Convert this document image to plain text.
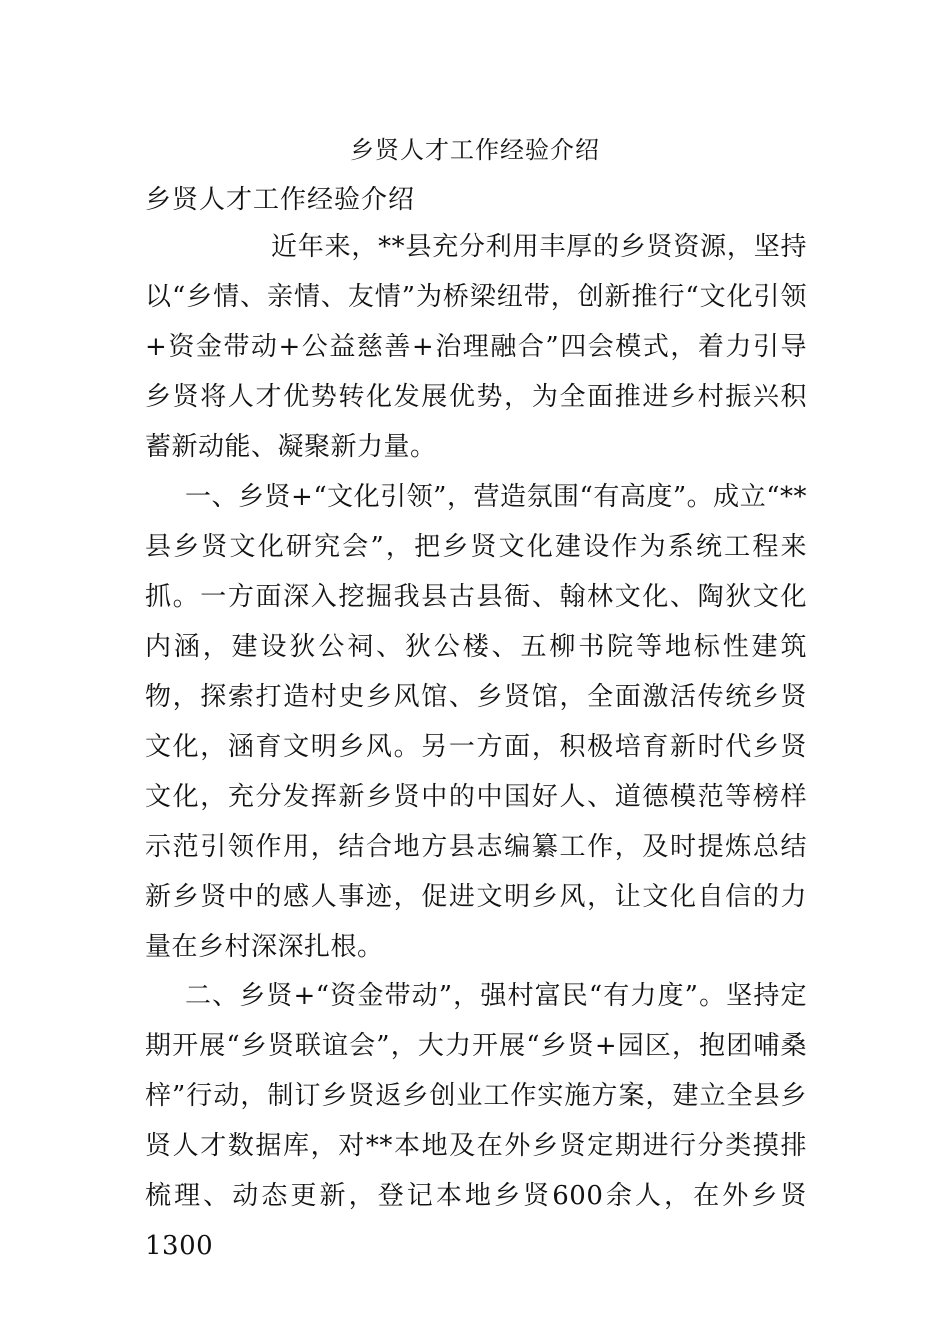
乡贤人才工作经验介绍
乡贤人才工作经验介绍

近年来，**县充分利用丰厚的乡贤资源，坚持以“乡情、亲情、友情”为桥梁纽带，创新推行“文化引领+资金带动+公益慈善+治理融合”四会模式，着力引导乡贤将人才优势转化发展优势，为全面推进乡村振兴积蓄新动能、凝聚新力量。

一、乡贤+“文化引领”，营造氛围“有高度”。成立“**县乡贤文化研究会”，把乡贤文化建设作为系统工程来抓。一方面深入挖掘我县古县衙、翰林文化、陶狄文化内涵，建设狄公祠、狄公楼、五柳书院等地标性建筑物，探索打造村史乡风馆、乡贤馆，全面激活传统乡贤文化，涵育文明乡风。另一方面，积极培育新时代乡贤文化，充分发挥新乡贤中的中国好人、道德模范等榜样示范引领作用，结合地方县志编纂工作，及时提炼总结新乡贤中的感人事迹，促进文明乡风，让文化自信的力量在乡村深深扎根。

二、乡贤+“资金带动”，强村富民“有力度”。坚持定期开展“乡贤联谊会”，大力开展“乡贤+园区，抱团哺桑梓”行动，制订乡贤返乡创业工作实施方案，建立全县乡贤人才数据库，对**本地及在外乡贤定期进行分类摸排梳理、动态更新，登记本地乡贤600余人，在外乡贤1300
